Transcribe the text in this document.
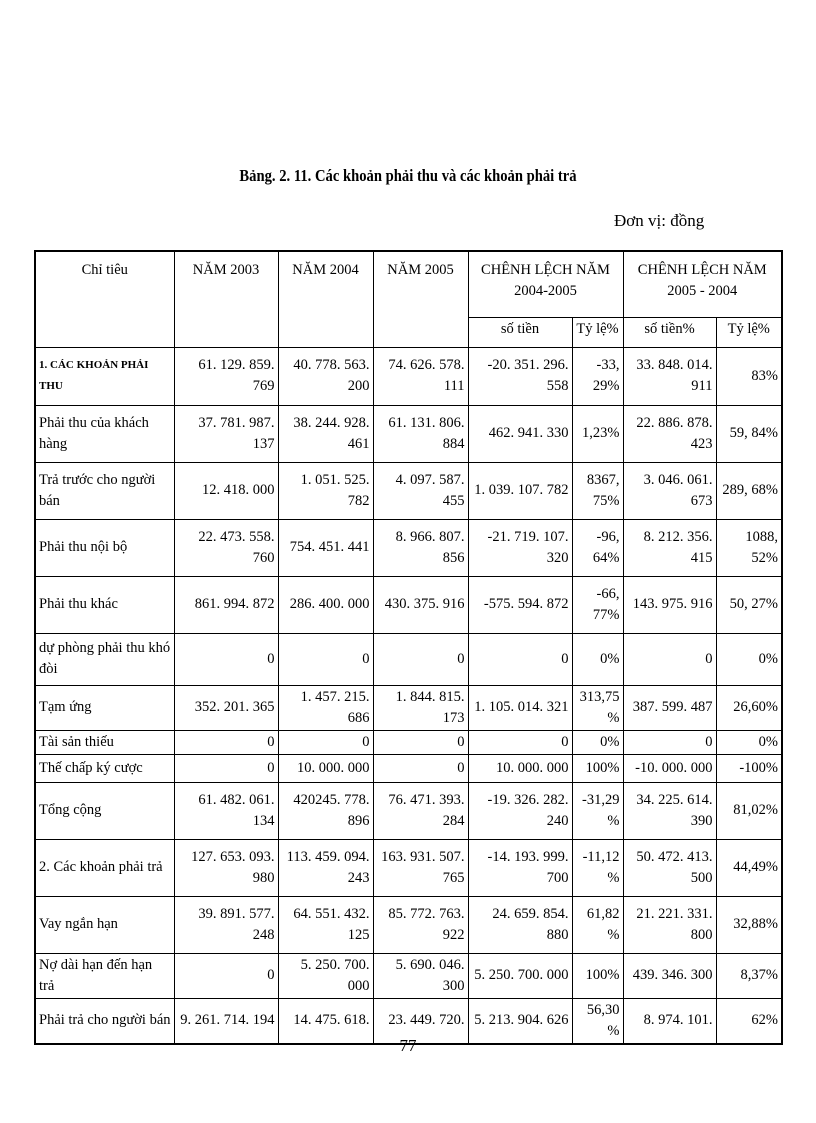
Bảng. 2. 11. Các khoản phải thu và các khoản phải trả
Đơn vị: đồng
Chỉ tiêu	NĂM 2003	NĂM 2004	NĂM 2005	CHÊNH LỆCH NĂM 2004-2005		CHÊNH LỆCH NĂM 2005 - 2004	
				số tiền	Tỷ lệ%	số tiền%	Tỷ lệ%
1. CÁC KHOẢN PHẢI THU	61. 129. 859. 769	40. 778. 563. 200	74. 626. 578. 111	-20. 351. 296. 558	-33, 29%	33. 848. 014. 911	83%
Phải thu của khách hàng	37. 781. 987. 137	38. 244. 928. 461	61. 131. 806. 884	462. 941. 330	1,23%	22. 886. 878. 423	59, 84%
Trả trước cho người bán	12. 418. 000	1. 051. 525. 782	4. 097. 587. 455	1. 039. 107. 782	8367, 75%	3. 046. 061. 673	289, 68%
Phải thu nội bộ	22. 473. 558. 760	754. 451. 441	8. 966. 807. 856	-21. 719. 107. 320	-96, 64%	8. 212. 356. 415	1088, 52%
Phải thu khác	861. 994. 872	286. 400. 000	430. 375. 916	-575. 594. 872	-66, 77%	143. 975. 916	50, 27%
dự phòng phải thu khó đòi	0	0	0	0	0%	0	0%
Tạm ứng	352. 201. 365	1. 457. 215. 686	1. 844. 815. 173	1. 105. 014. 321	313,75%	387. 599. 487	26,60%
Tài sản thiếu	0	0	0	0	0%	0	0%
Thế chấp ký cược	0	10. 000. 000	0	10. 000. 000	100%	-10. 000. 000	-100%
Tổng cộng	61. 482. 061. 134	420245. 778. 896	76. 471. 393. 284	-19. 326. 282. 240	-31,29%	34. 225. 614. 390	81,02%
2. Các khoản phải trả	127. 653. 093. 980	113. 459. 094. 243	163. 931. 507. 765	-14. 193. 999. 700	-11,12%	50. 472. 413. 500	44,49%
Vay ngắn hạn	39. 891. 577. 248	64. 551. 432. 125	85. 772. 763. 922	24. 659. 854. 880	61,82%	21. 221. 331. 800	32,88%
Nợ dài hạn đến hạn trả	0	5. 250. 700. 000	5. 690. 046. 300	5. 250. 700. 000	100%	439. 346. 300	8,37%
Phải trả cho người bán	9. 261. 714. 194	14. 475. 618.	23. 449. 720.	5. 213. 904. 626	56,30%	8. 974. 101.	62%
77
